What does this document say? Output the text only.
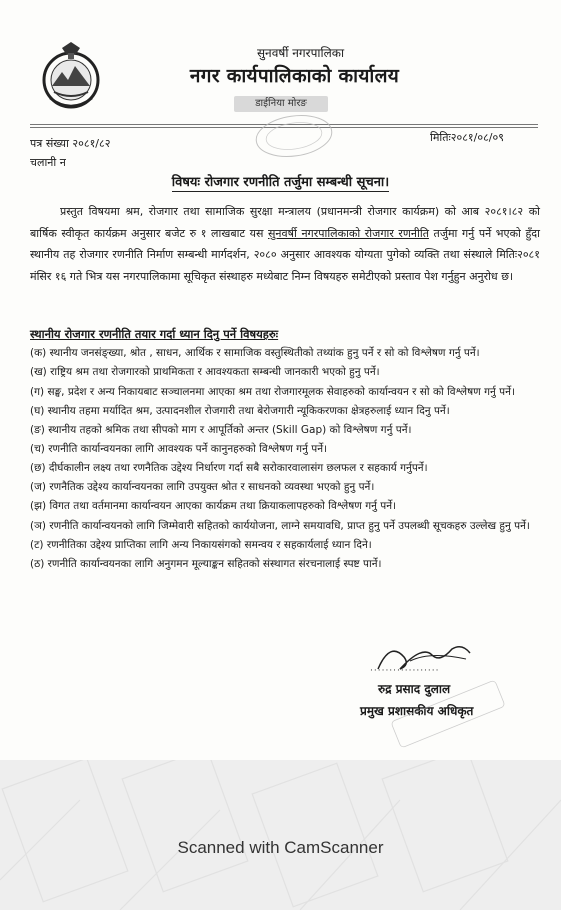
सुनवर्षी नगरपालिका
नगर कार्यपालिकाको कार्यालय
डाईनिया मोरङ
पत्र संख्या २०८१/८२
चलानी न
मितिः२०८१/०८/०९
विषयः रोजगार रणनीति तर्जुमा सम्बन्धी सूचना।
प्रस्तुत विषयमा श्रम, रोजगार तथा सामाजिक सुरक्षा मन्त्रालय (प्रधानमन्त्री रोजगार कार्यक्रम) को आब २०८१।८२ को बार्षिक स्वीकृत कार्यक्रम अनुसार बजेट रु १ लाखबाट यस सुनवर्षी नगरपालिकाको रोजगार रणनीति तर्जुमा गर्नु पर्ने भएको हुँदा स्थानीय तह रोजगार रणनीति निर्माण सम्बन्धी मार्गदर्शन, २०८० अनुसार आवश्यक योग्यता पुगेको व्यक्ति तथा संस्थाले मितिः२०८१ मंसिर १६ गते भित्र यस नगरपालिकामा सूचिकृत संस्थाहरु मध्येबाट निम्न विषयहरु समेटीएको प्रस्ताव पेश गर्नुहुन अनुरोध छ।
स्थानीय रोजगार रणनीति तयार गर्दा ध्यान दिनु पर्ने विषयहरुः
(क) स्थानीय जनसंङ्ख्या, श्रोत , साधन, आर्थिक र सामाजिक वस्तुस्थितीको तथ्यांक हुनु पर्ने र सो को विश्लेषण गर्नु पर्ने।
(ख) राष्ट्रिय श्रम तथा रोजगारको प्राथमिकता र आवश्यकता सम्बन्धी जानकारी भएको हुनु पर्ने।
(ग) सङ्घ, प्रदेश र अन्य निकायबाट सञ्चालनमा आएका श्रम तथा रोजगारमूलक सेवाहरुको कार्यान्वयन र सो को विश्लेषण गर्नु पर्ने।
(घ) स्थानीय तहमा मर्यादित श्रम, उत्पादनशील रोजगारी तथा बेरोजगारी न्यूकिकरणका क्षेत्रहरुलाई ध्यान दिनु पर्ने।
(ङ) स्थानीय तहको श्रमिक तथा सीपको माग र आपूर्तिको अन्तर (Skill Gap) को विश्लेषण गर्नु पर्ने।
(च) रणनीति कार्यान्वयनका लागि आवश्यक पर्ने कानुनहरुको विश्लेषण गर्नु पर्ने।
(छ) दीर्घकालीन लक्ष्य तथा रणनैतिक उद्देश्य निर्धारण गर्दा सबै सरोकारवालासंग छलफल र सहकार्य गर्नुपर्ने।
(ज) रणनैतिक उद्देश्य कार्यान्वयनका लागि उपयुक्त श्रोत र साधनको व्यवस्था भएको हुनु पर्ने।
(झ) विगत तथा वर्तमानमा कार्यान्वयन आएका कार्यक्रम तथा क्रियाकलापहरुको विश्लेषण गर्नु पर्ने।
(ञ) रणनीति कार्यान्वयनको लागि जिम्मेवारी सहितको कार्ययोजना, लाग्ने समयावधि, प्राप्त हुनु पर्ने उपलब्धी सूचकहरु उल्लेख हुनु पर्ने।
(ट) रणनीतिका उद्देश्य प्राप्तिका लागि अन्य निकायसंगको समन्वय र सहकार्यलाई ध्यान दिने।
(ठ) रणनीति कार्यान्वयनका लागि अनुगमन मूल्याङ्कन सहितको संस्थागत संरचनालाई स्पष्ट पार्ने।
··················
रुद्र प्रसाद दुलाल
प्रमुख प्रशासकीय अधिकृत
Scanned with CamScanner
